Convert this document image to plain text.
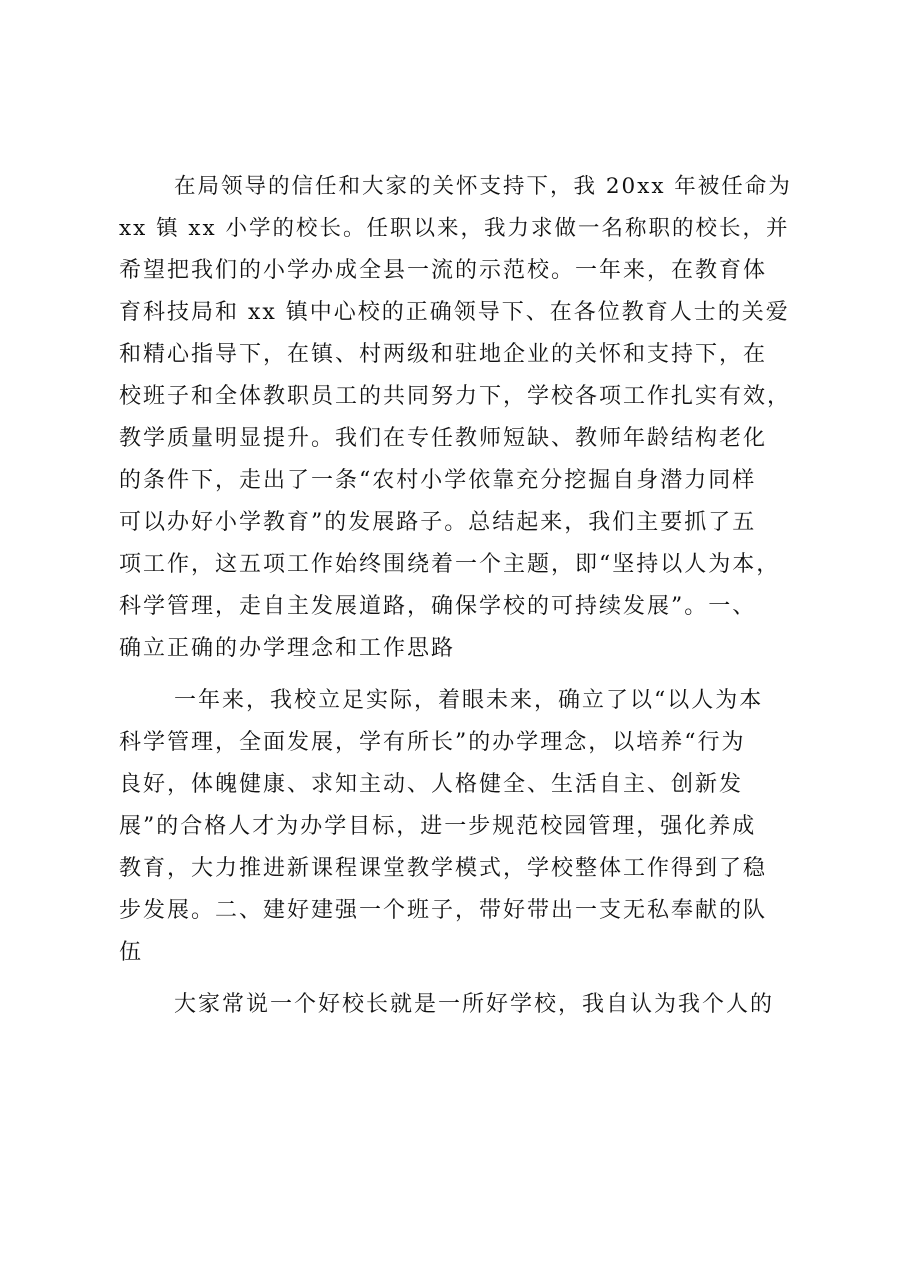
在局领导的信任和大家的关怀支持下，我 20xx 年被任命为
xx 镇 xx 小学的校长。任职以来，我力求做一名称职的校长，并
希望把我们的小学办成全县一流的示范校。一年来，在教育体
育科技局和 xx 镇中心校的正确领导下、在各位教育人士的关爱
和精心指导下，在镇、村两级和驻地企业的关怀和支持下，在
校班子和全体教职员工的共同努力下，学校各项工作扎实有效，
教学质量明显提升。我们在专任教师短缺、教师年龄结构老化
的条件下，走出了一条“农村小学依靠充分挖掘自身潜力同样
可以办好小学教育”的发展路子。总结起来，我们主要抓了五
项工作，这五项工作始终围绕着一个主题，即“坚持以人为本，
科学管理，走自主发展道路，确保学校的可持续发展”。一、
确立正确的办学理念和工作思路
一年来，我校立足实际，着眼未来，确立了以“以人为本
科学管理，全面发展，学有所长”的办学理念，以培养“行为
良好，体魄健康、求知主动、人格健全、生活自主、创新发
展”的合格人才为办学目标，进一步规范校园管理，强化养成
教育，大力推进新课程课堂教学模式，学校整体工作得到了稳
步发展。二、建好建强一个班子，带好带出一支无私奉献的队
伍
大家常说一个好校长就是一所好学校，我自认为我个人的
